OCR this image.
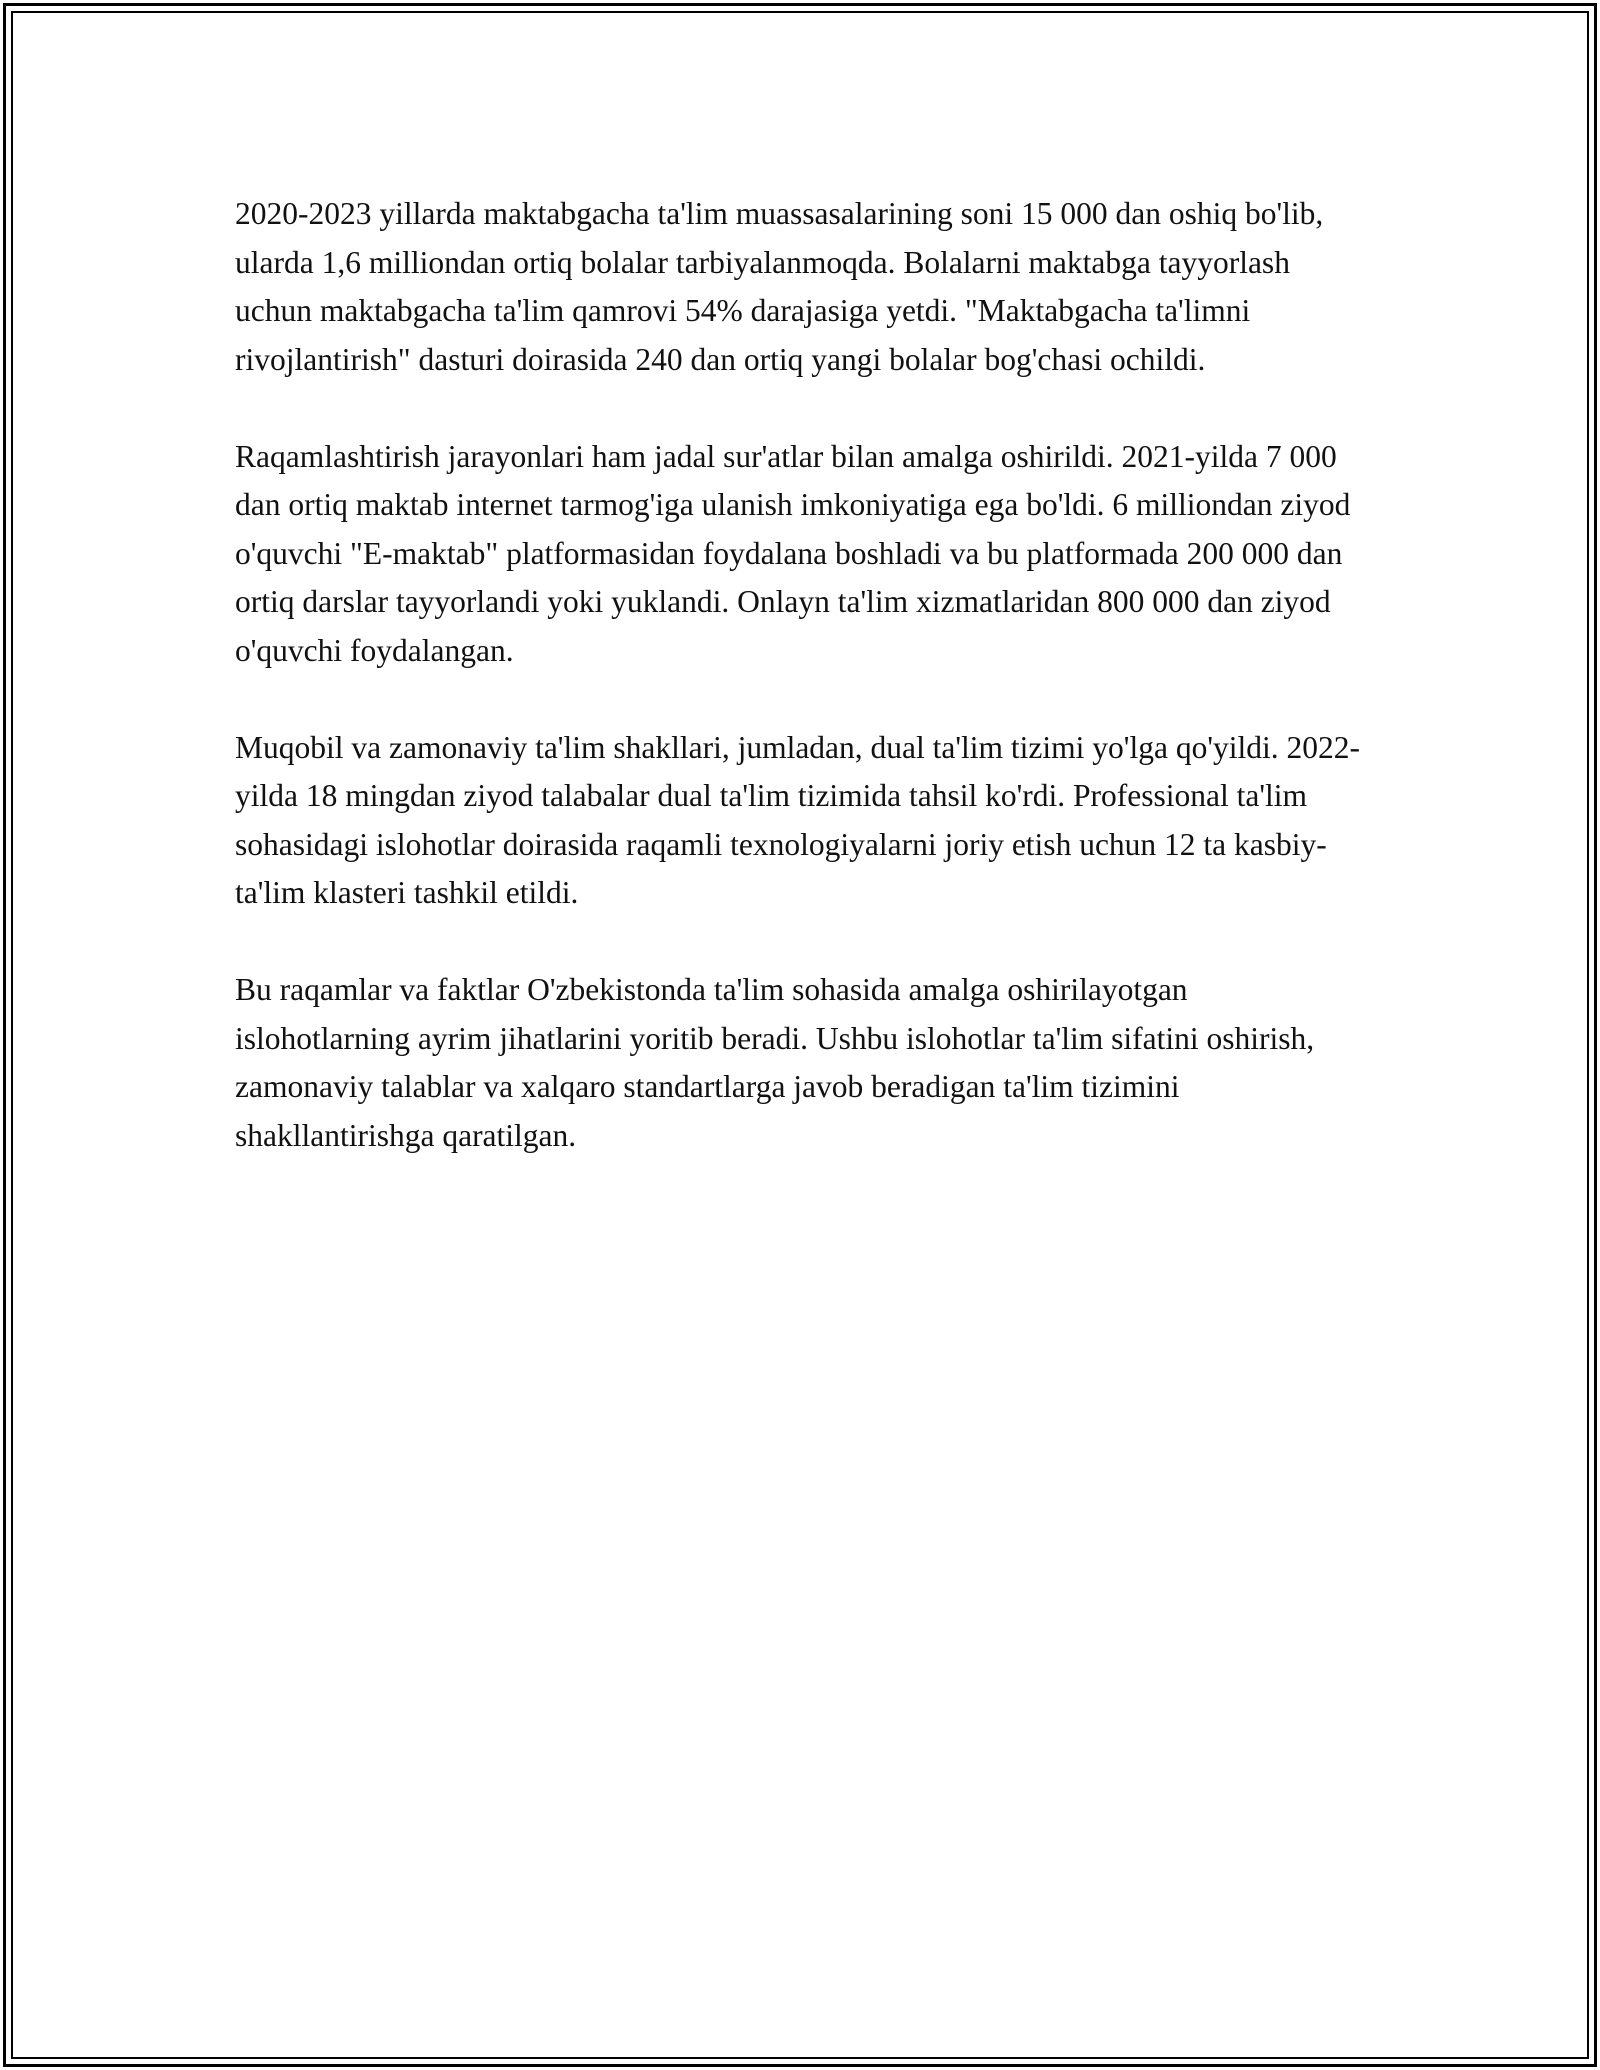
2020-2023 yillarda maktabgacha ta'lim muassasalarining soni 15 000 dan oshiq bo'lib, ularda 1,6 milliondan ortiq bolalar tarbiyalanmoqda. Bolalarni maktabga tayyorlash uchun maktabgacha ta'lim qamrovi 54% darajasiga yetdi. "Maktabgacha ta'limni rivojlantirish" dasturi doirasida 240 dan ortiq yangi bolalar bog'chasi ochildi.

Raqamlashtirish jarayonlari ham jadal sur'atlar bilan amalga oshirildi. 2021-yilda 7 000 dan ortiq maktab internet tarmog'iga ulanish imkoniyatiga ega bo'ldi. 6 milliondan ziyod o'quvchi "E-maktab" platformasidan foydalana boshladi va bu platformada 200 000 dan ortiq darslar tayyorlandi yoki yuklandi. Onlayn ta'lim xizmatlaridan 800 000 dan ziyod o'quvchi foydalangan.

Muqobil va zamonaviy ta'lim shakllari, jumladan, dual ta'lim tizimi yo'lga qo'yildi. 2022-yilda 18 mingdan ziyod talabalar dual ta'lim tizimida tahsil ko'rdi. Professional ta'lim sohasidagi islohotlar doirasida raqamli texnologiyalarni joriy etish uchun 12 ta kasbiy-ta'lim klasteri tashkil etildi.

Bu raqamlar va faktlar O'zbekistonda ta'lim sohasida amalga oshirilayotgan islohotlarning ayrim jihatlarini yoritib beradi. Ushbu islohotlar ta'lim sifatini oshirish, zamonaviy talablar va xalqaro standartlarga javob beradigan ta'lim tizimini shakllantirishga qaratilgan.
